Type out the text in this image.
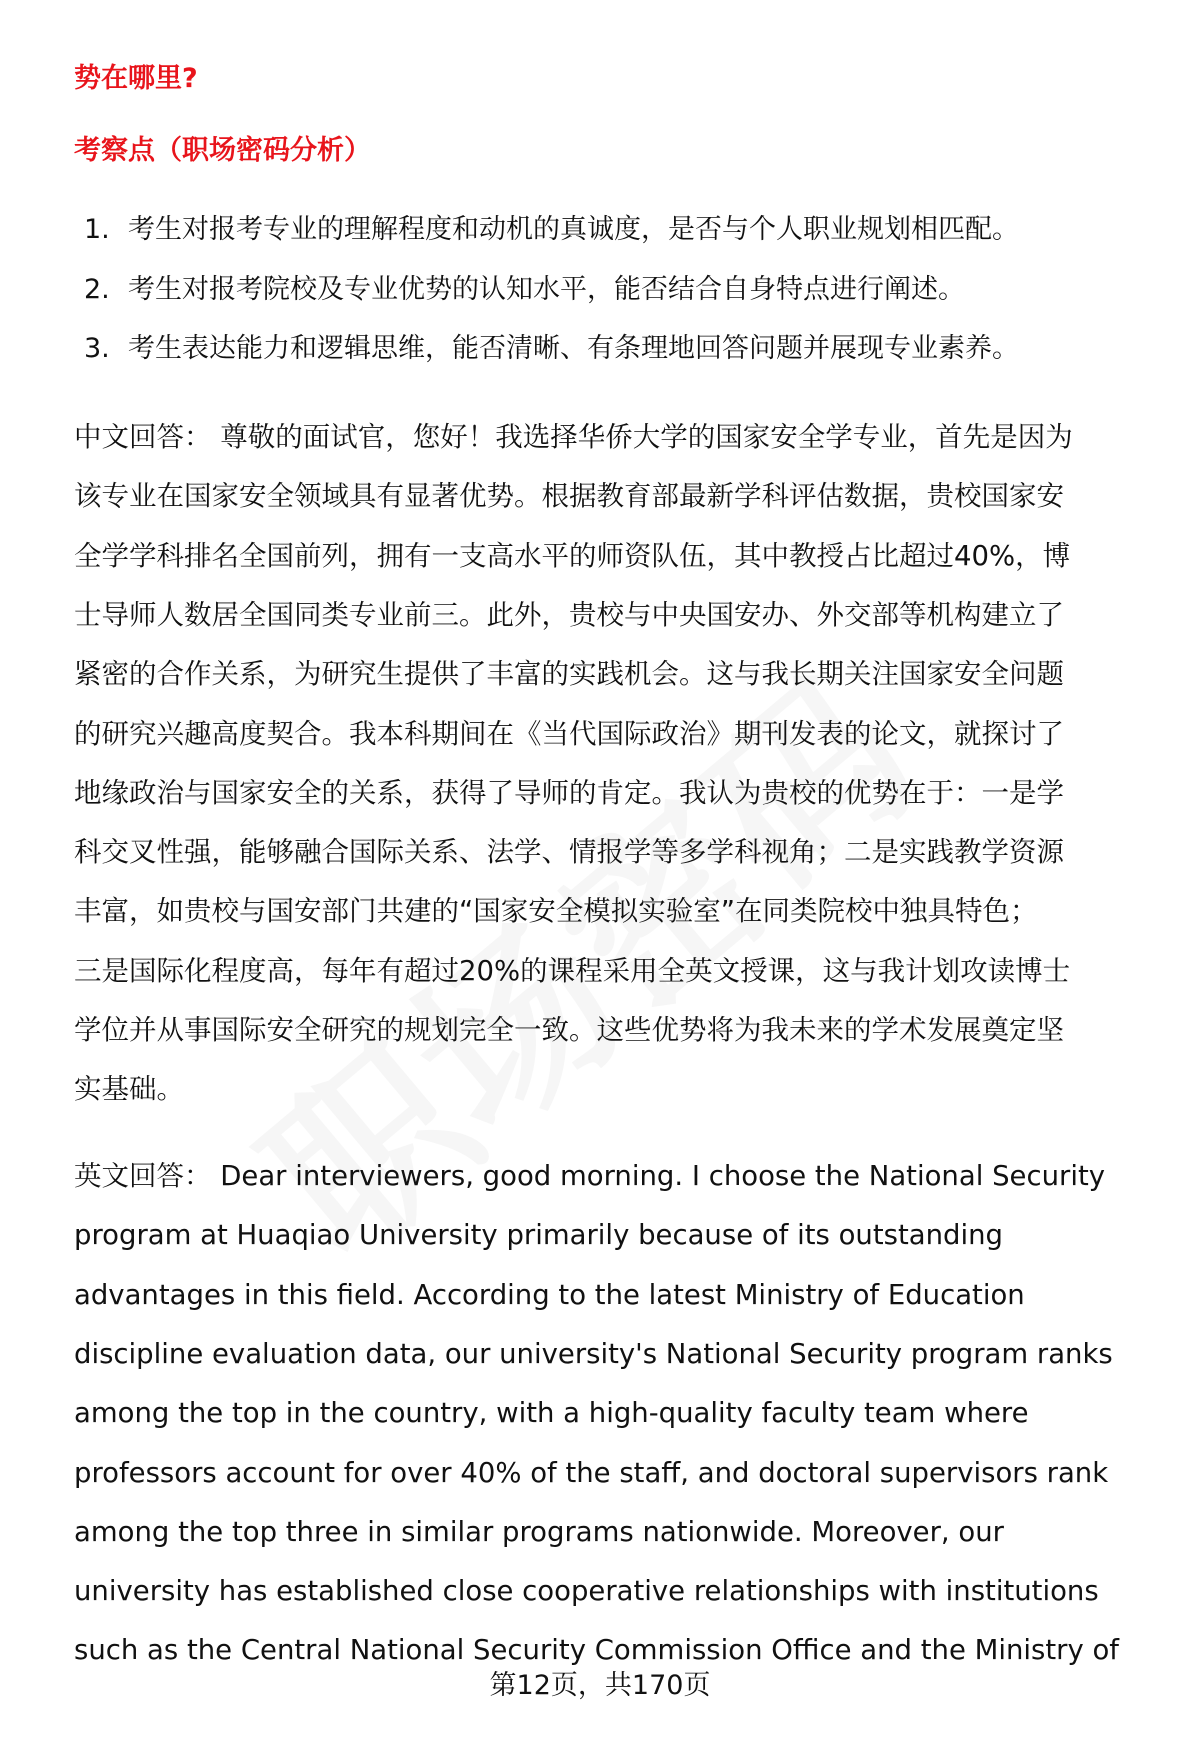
势在哪里?
考察点（职场密码分析）
1. 考生对报考专业的理解程度和动机的真诚度，是否与个人职业规划相匹配。
2. 考生对报考院校及专业优势的认知水平，能否结合自身特点进行阐述。
3. 考生表达能力和逻辑思维，能否清晰、有条理地回答问题并展现专业素养。
中文回答： 尊敬的面试官，您好！我选择华侨大学的国家安全学专业，首先是因为
该专业在国家安全领域具有显著优势。根据教育部最新学科评估数据，贵校国家安
全学学科排名全国前列，拥有一支高水平的师资队伍，其中教授占比超过40%，博
士导师人数居全国同类专业前三。此外，贵校与中央国安办、外交部等机构建立了
紧密的合作关系，为研究生提供了丰富的实践机会。这与我长期关注国家安全问题
的研究兴趣高度契合。我本科期间在《当代国际政治》期刊发表的论文，就探讨了
地缘政治与国家安全的关系，获得了导师的肯定。我认为贵校的优势在于：一是学
科交叉性强，能够融合国际关系、法学、情报学等多学科视角；二是实践教学资源
丰富，如贵校与国安部门共建的“国家安全模拟实验室”在同类院校中独具特色；
三是国际化程度高，每年有超过20%的课程采用全英文授课，这与我计划攻读博士
学位并从事国际安全研究的规划完全一致。这些优势将为我未来的学术发展奠定坚
实基础。
英文回答： Dear interviewers, good morning. I choose the National Security
program at Huaqiao University primarily because of its outstanding
advantages in this field. According to the latest Ministry of Education
discipline evaluation data, our university's National Security program ranks
among the top in the country, with a high-quality faculty team where
professors account for over 40% of the staff, and doctoral supervisors rank
among the top three in similar programs nationwide. Moreover, our
university has established close cooperative relationships with institutions
such as the Central National Security Commission Office and the Ministry of
第12页，共170页
